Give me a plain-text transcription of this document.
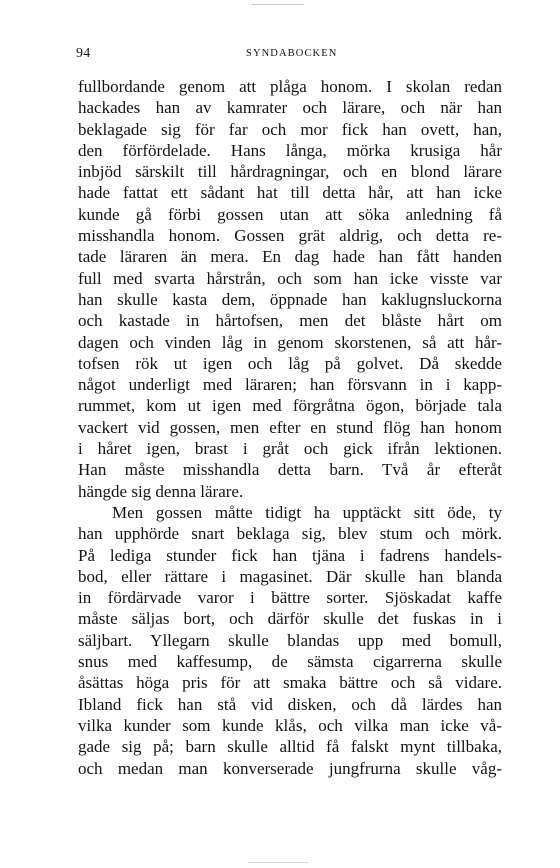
94	SYNDABOCKEN
fullbordande genom att plåga honom. I skolan redan
hackades han av kamrater och lärare, och när han
beklagade sig för far och mor fick han ovett, han,
den förfördelade. Hans långa, mörka krusiga hår
inbjöd särskilt till hårdragningar, och en blond lärare
hade fattat ett sådant hat till detta hår, att han icke
kunde gå förbi gossen utan att söka anledning få
misshandla honom. Gossen grät aldrig, och detta re-
tade läraren än mera. En dag hade han fått handen
full med svarta hårstrån, och som han icke visste var
han skulle kasta dem, öppnade han kaklugnsluckorna
och kastade in hårtofsen, men det blåste hårt om
dagen och vinden låg in genom skorstenen, så att hår-
tofsen rök ut igen och låg på golvet. Då skedde
något underligt med läraren; han försvann in i kapp-
rummet, kom ut igen med förgråtna ögon, började tala
vackert vid gossen, men efter en stund flög han honom
i håret igen, brast i gråt och gick ifrån lektionen.
Han måste misshandla detta barn. Två år efteråt
hängde sig denna lärare.
Men gossen måtte tidigt ha upptäckt sitt öde, ty
han upphörde snart beklaga sig, blev stum och mörk.
På lediga stunder fick han tjäna i fadrens handels-
bod, eller rättare i magasinet. Där skulle han blanda
in fördärvade varor i bättre sorter. Sjöskadat kaffe
måste säljas bort, och därför skulle det fuskas in i
säljbart. Yllegarn skulle blandas upp med bomull,
snus med kaffesump, de sämsta cigarrerna skulle
åsättas höga pris för att smaka bättre och så vidare.
Ibland fick han stå vid disken, och då lärdes han
vilka kunder som kunde klås, och vilka man icke vå-
gade sig på; barn skulle alltid få falskt mynt tillbaka,
och medan man konverserade jungfrurna skulle våg-
